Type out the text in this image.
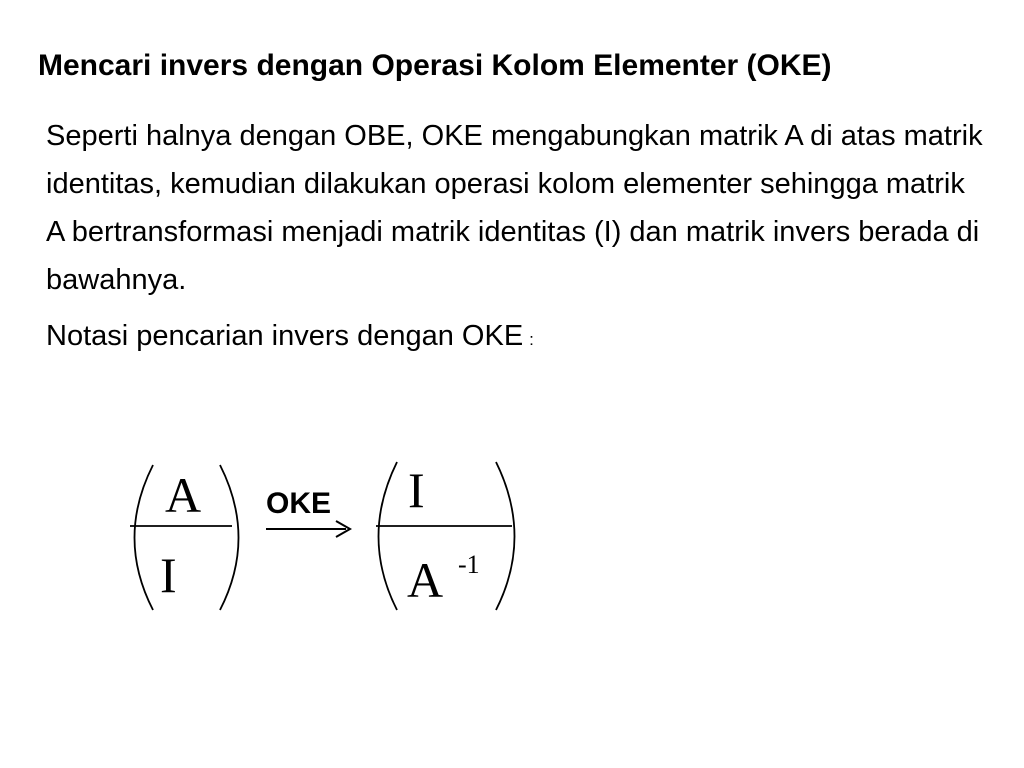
Mencari invers dengan Operasi Kolom Elementer (OKE)

Seperti halnya dengan OBE, OKE mengabungkan matrik A di atas matrik identitas, kemudian dilakukan operasi kolom elementer sehingga matrik A bertransformasi menjadi matrik identitas (I) dan matrik invers berada di bawahnya.

Notasi pencarian invers dengan OKE :

A
I
OKE I
A -1
